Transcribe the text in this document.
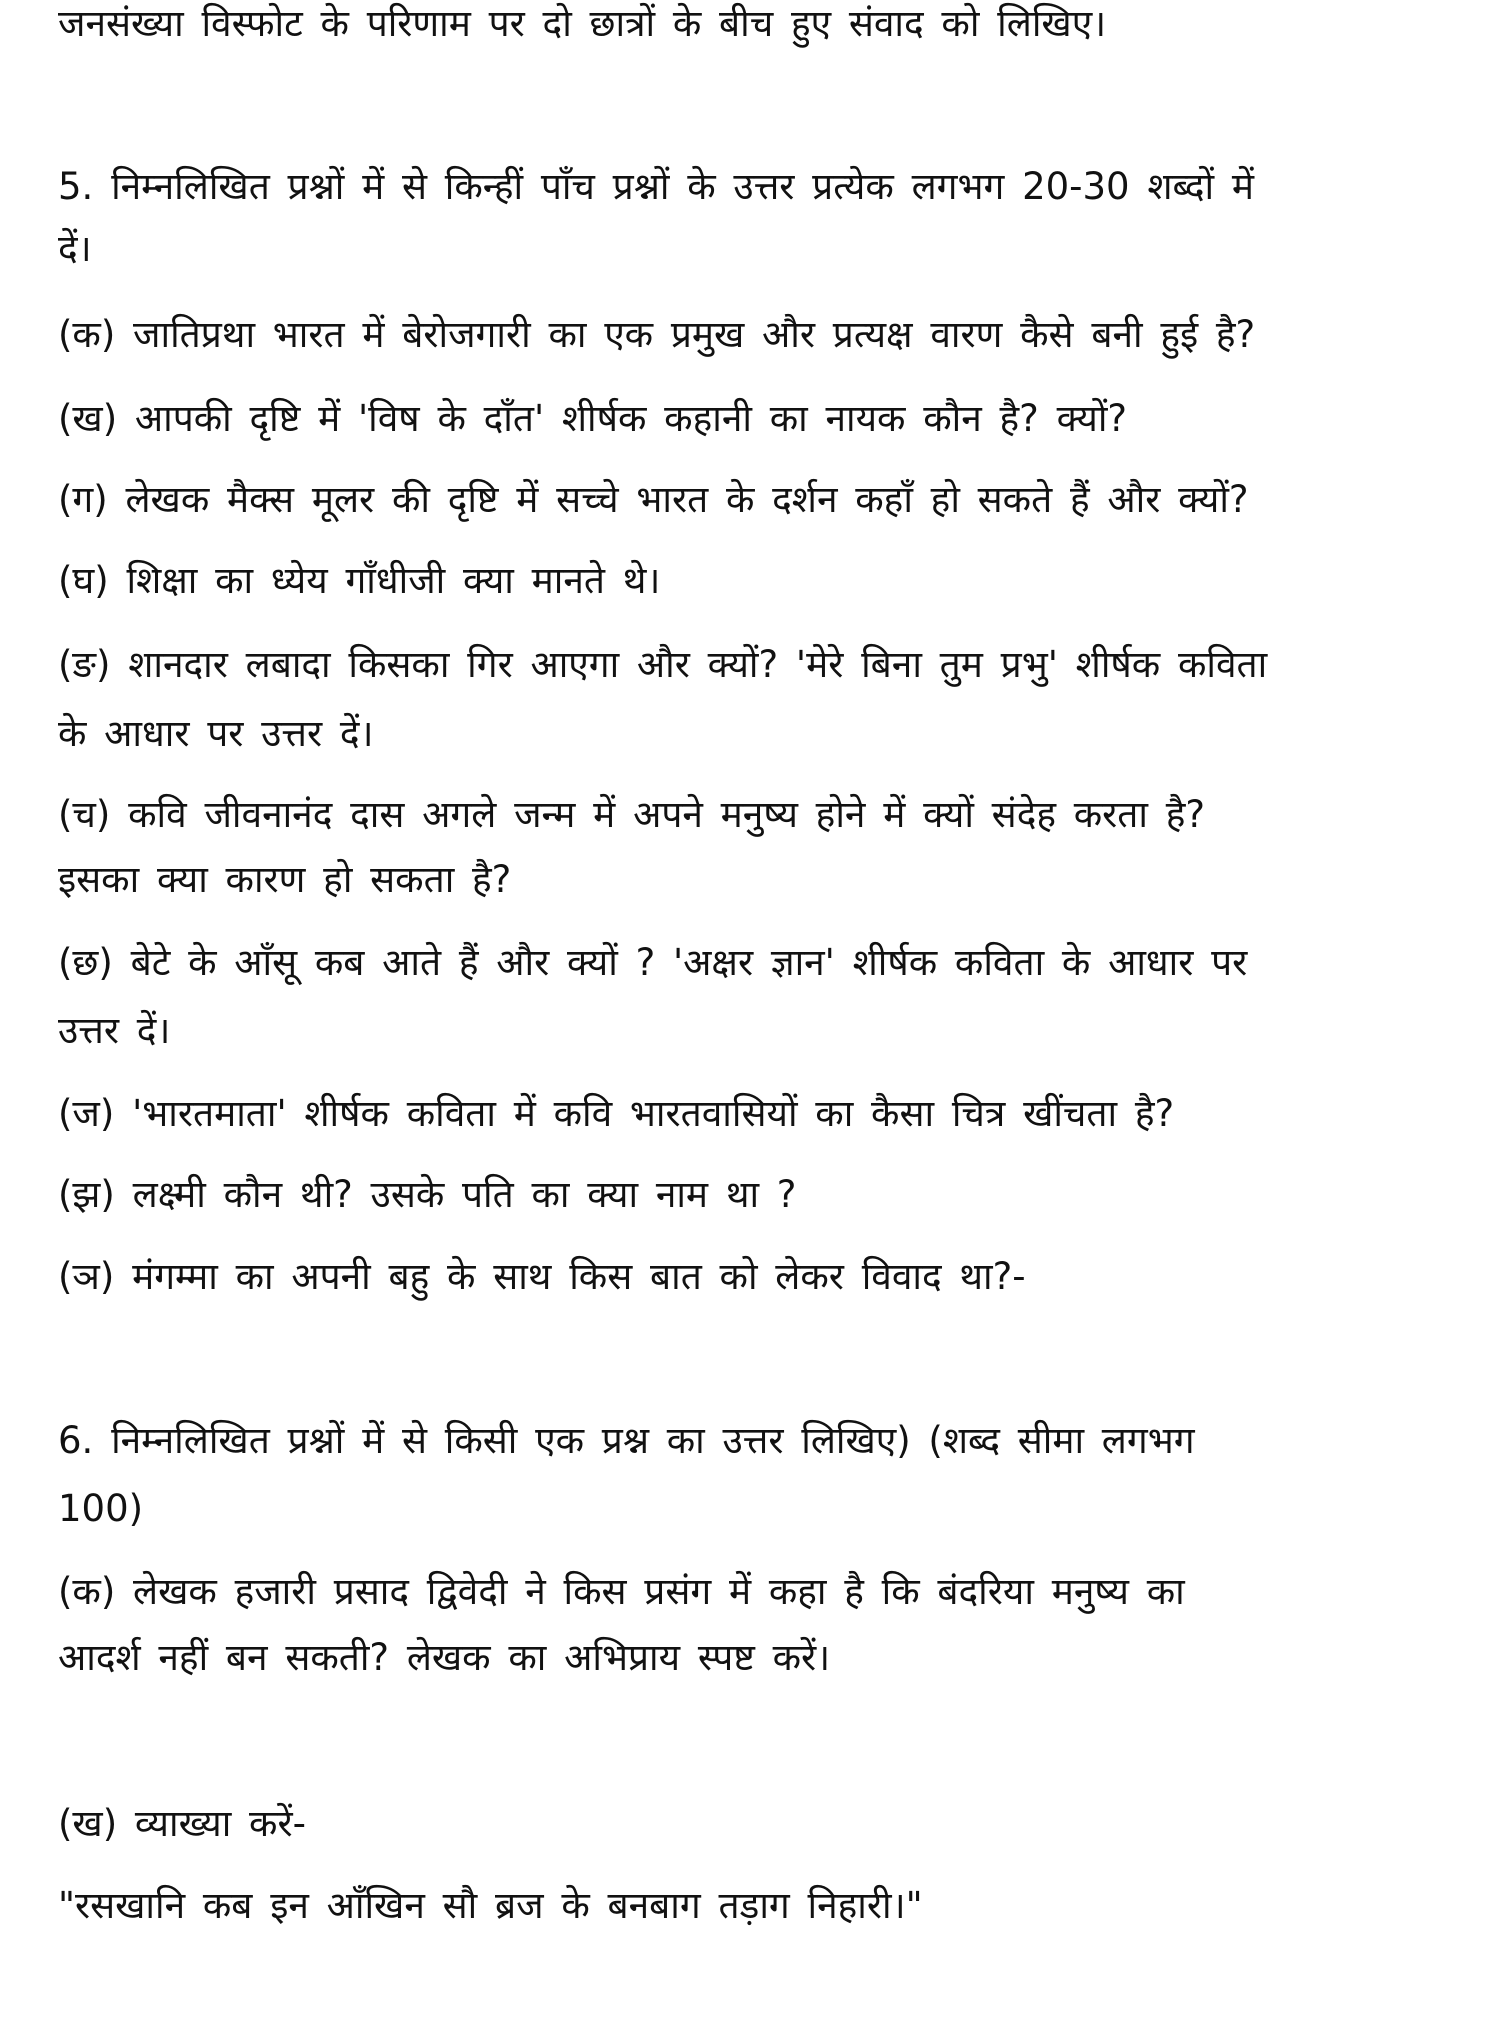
जनसंख्या विस्फोट के परिणाम पर दो छात्रों के बीच हुए संवाद को लिखिए।
5. निम्नलिखित प्रश्नों में से किन्हीं पाँच प्रश्नों के उत्तर प्रत्येक लगभग 20-30 शब्दों में
दें।
(क) जातिप्रथा भारत में बेरोजगारी का एक प्रमुख और प्रत्यक्ष वारण कैसे बनी हुई है?
(ख) आपकी दृष्टि में 'विष के दाँत' शीर्षक कहानी का नायक कौन है? क्यों?
(ग) लेखक मैक्स मूलर की दृष्टि में सच्चे भारत के दर्शन कहाँ हो सकते हैं और क्यों?
(घ) शिक्षा का ध्येय गाँधीजी क्या मानते थे।
(ङ) शानदार लबादा किसका गिर आएगा और क्यों? 'मेरे बिना तुम प्रभु' शीर्षक कविता
के आधार पर उत्तर दें।
(च) कवि जीवनानंद दास अगले जन्म में अपने मनुष्य होने में क्यों संदेह करता है?
इसका क्या कारण हो सकता है?
(छ) बेटे के आँसू कब आते हैं और क्यों ? 'अक्षर ज्ञान' शीर्षक कविता के आधार पर
उत्तर दें।
(ज) 'भारतमाता' शीर्षक कविता में कवि भारतवासियों का कैसा चित्र खींचता है?
(झ) लक्ष्मी कौन थी? उसके पति का क्या नाम था ?
(ञ) मंगम्मा का अपनी बहु के साथ किस बात को लेकर विवाद था?-
6. निम्नलिखित प्रश्नों में से किसी एक प्रश्न का उत्तर लिखिए) (शब्द सीमा लगभग
100)
(क) लेखक हजारी प्रसाद द्विवेदी ने किस प्रसंग में कहा है कि बंदरिया मनुष्य का
आदर्श नहीं बन सकती? लेखक का अभिप्राय स्पष्ट करें।
(ख) व्याख्या करें-
"रसखानि कब इन आँखिन सौ ब्रज के बनबाग तड़ाग निहारी।"
